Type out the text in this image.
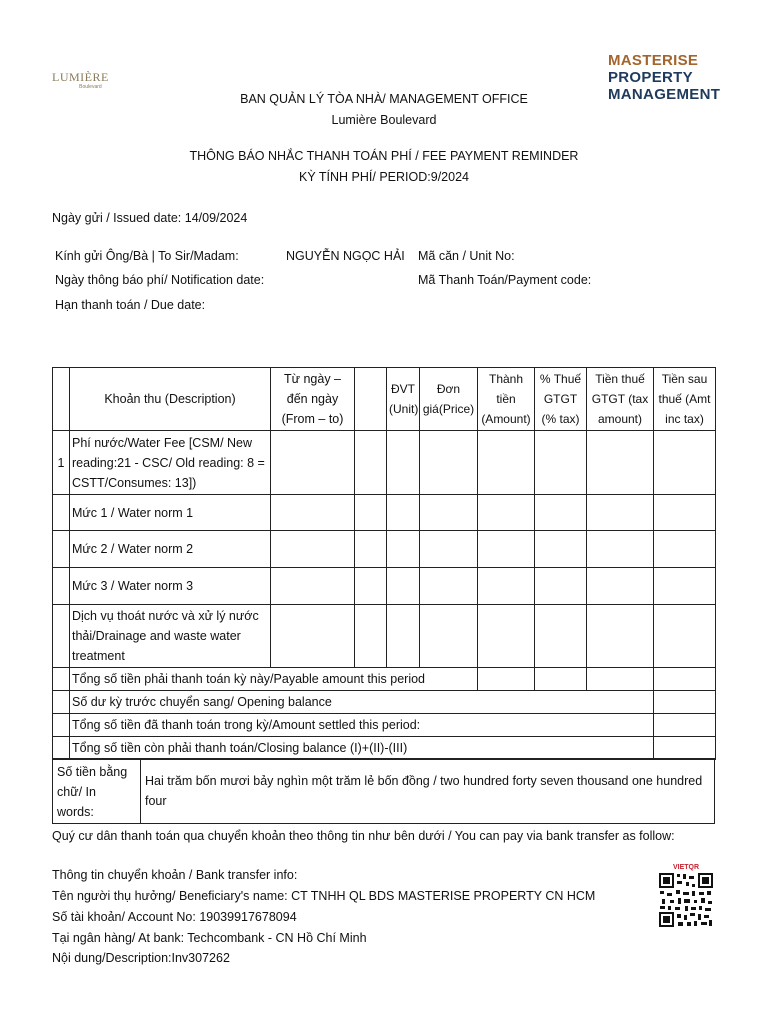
LUMIÈRE
Boulevard
MASTERISE
PROPERTY
MANAGEMENT
BAN QUẢN LÝ TÒA NHÀ/ MANAGEMENT OFFICE
Lumière Boulevard
THÔNG BÁO NHẮC THANH TOÁN PHÍ / FEE PAYMENT REMINDER
KỲ TÍNH PHÍ/ PERIOD:9/2024
Ngày gửi / Issued date: 14/09/2024
Kính gửi Ông/Bà | To Sir/Madam:	NGUYỄN NGỌC HẢI Mã căn / Unit No:
Ngày thông báo phí/ Notification date:	Mã Thanh Toán/Payment code:
Hạn thanh toán / Due date:
	Khoản thu (Description)	Từ ngày – đến ngày (From – to)		ĐVT (Unit)	Đơn giá(Price)	Thành tiền (Amount)	% Thuế GTGT (% tax)	Tiền thuế GTGT (tax amount)	Tiền sau thuế (Amt inc tax)
1	Phí nước/Water Fee [CSM/ New reading:21 - CSC/ Old reading: 8 = CSTT/Consumes: 13])								
	Mức 1 / Water norm 1								
	Mức 2 / Water norm 2								
	Mức 3 / Water norm 3								
	Dịch vụ thoát nước và xử lý nước thải/Drainage and waste water treatment								
	Tổng số tiền phải thanh toán kỳ này/Payable amount this period								
	Số dư kỳ trước chuyển sang/ Opening balance								
	Tổng số tiền đã thanh toán trong kỳ/Amount settled this period:								
	Tổng số tiền còn phải thanh toán/Closing balance (I)+(II)-(III)								
Số tiền bằng chữ/ In words:
Hai trăm bốn mươi bảy nghìn một trăm lẻ bốn đồng / two hundred forty seven thousand one hundred four
Quý cư dân thanh toán qua chuyển khoản theo thông tin như bên dưới / You can pay via bank transfer as follow:
Thông tin chuyển khoản / Bank transfer info:
Tên người thụ hưởng/ Beneficiary's name: CT TNHH QL BDS MASTERISE PROPERTY CN HCM
Số tài khoản/ Account No: 19039917678094
Tại ngân hàng/ At bank: Techcombank - CN Hồ Chí Minh
Nội dung/Description:Inv307262
VIETQR
